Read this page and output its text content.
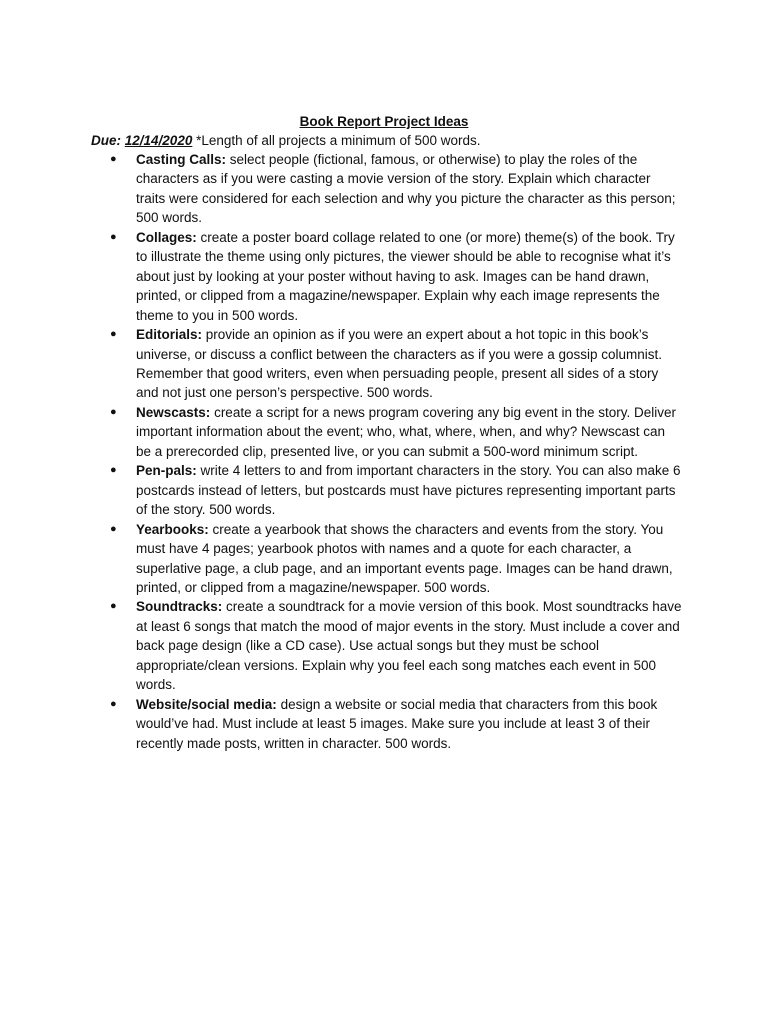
Book Report Project Ideas
Due: 12/14/2020 *Length of all projects a minimum of 500 words.
● Casting Calls: select people (fictional, famous, or otherwise) to play the roles of the characters as if you were casting a movie version of the story. Explain which character traits were considered for each selection and why you picture the character as this person; 500 words.
● Collages: create a poster board collage related to one (or more) theme(s) of the book. Try to illustrate the theme using only pictures, the viewer should be able to recognise what it’s about just by looking at your poster without having to ask. Images can be hand drawn, printed, or clipped from a magazine/newspaper. Explain why each image represents the theme to you in 500 words.
● Editorials: provide an opinion as if you were an expert about a hot topic in this book’s universe, or discuss a conflict between the characters as if you were a gossip columnist. Remember that good writers, even when persuading people, present all sides of a story and not just one person’s perspective. 500 words.
● Newscasts: create a script for a news program covering any big event in the story. Deliver important information about the event; who, what, where, when, and why? Newscast can be a prerecorded clip, presented live, or you can submit a 500-word minimum script.
● Pen-pals: write 4 letters to and from important characters in the story. You can also make 6 postcards instead of letters, but postcards must have pictures representing important parts of the story. 500 words.
● Yearbooks: create a yearbook that shows the characters and events from the story. You must have 4 pages; yearbook photos with names and a quote for each character, a superlative page, a club page, and an important events page. Images can be hand drawn, printed, or clipped from a magazine/newspaper. 500 words.
● Soundtracks: create a soundtrack for a movie version of this book. Most soundtracks have at least 6 songs that match the mood of major events in the story. Must include a cover and back page design (like a CD case). Use actual songs but they must be school appropriate/clean versions. Explain why you feel each song matches each event in 500 words.
● Website/social media: design a website or social media that characters from this book would’ve had. Must include at least 5 images. Make sure you include at least 3 of their recently made posts, written in character. 500 words.
